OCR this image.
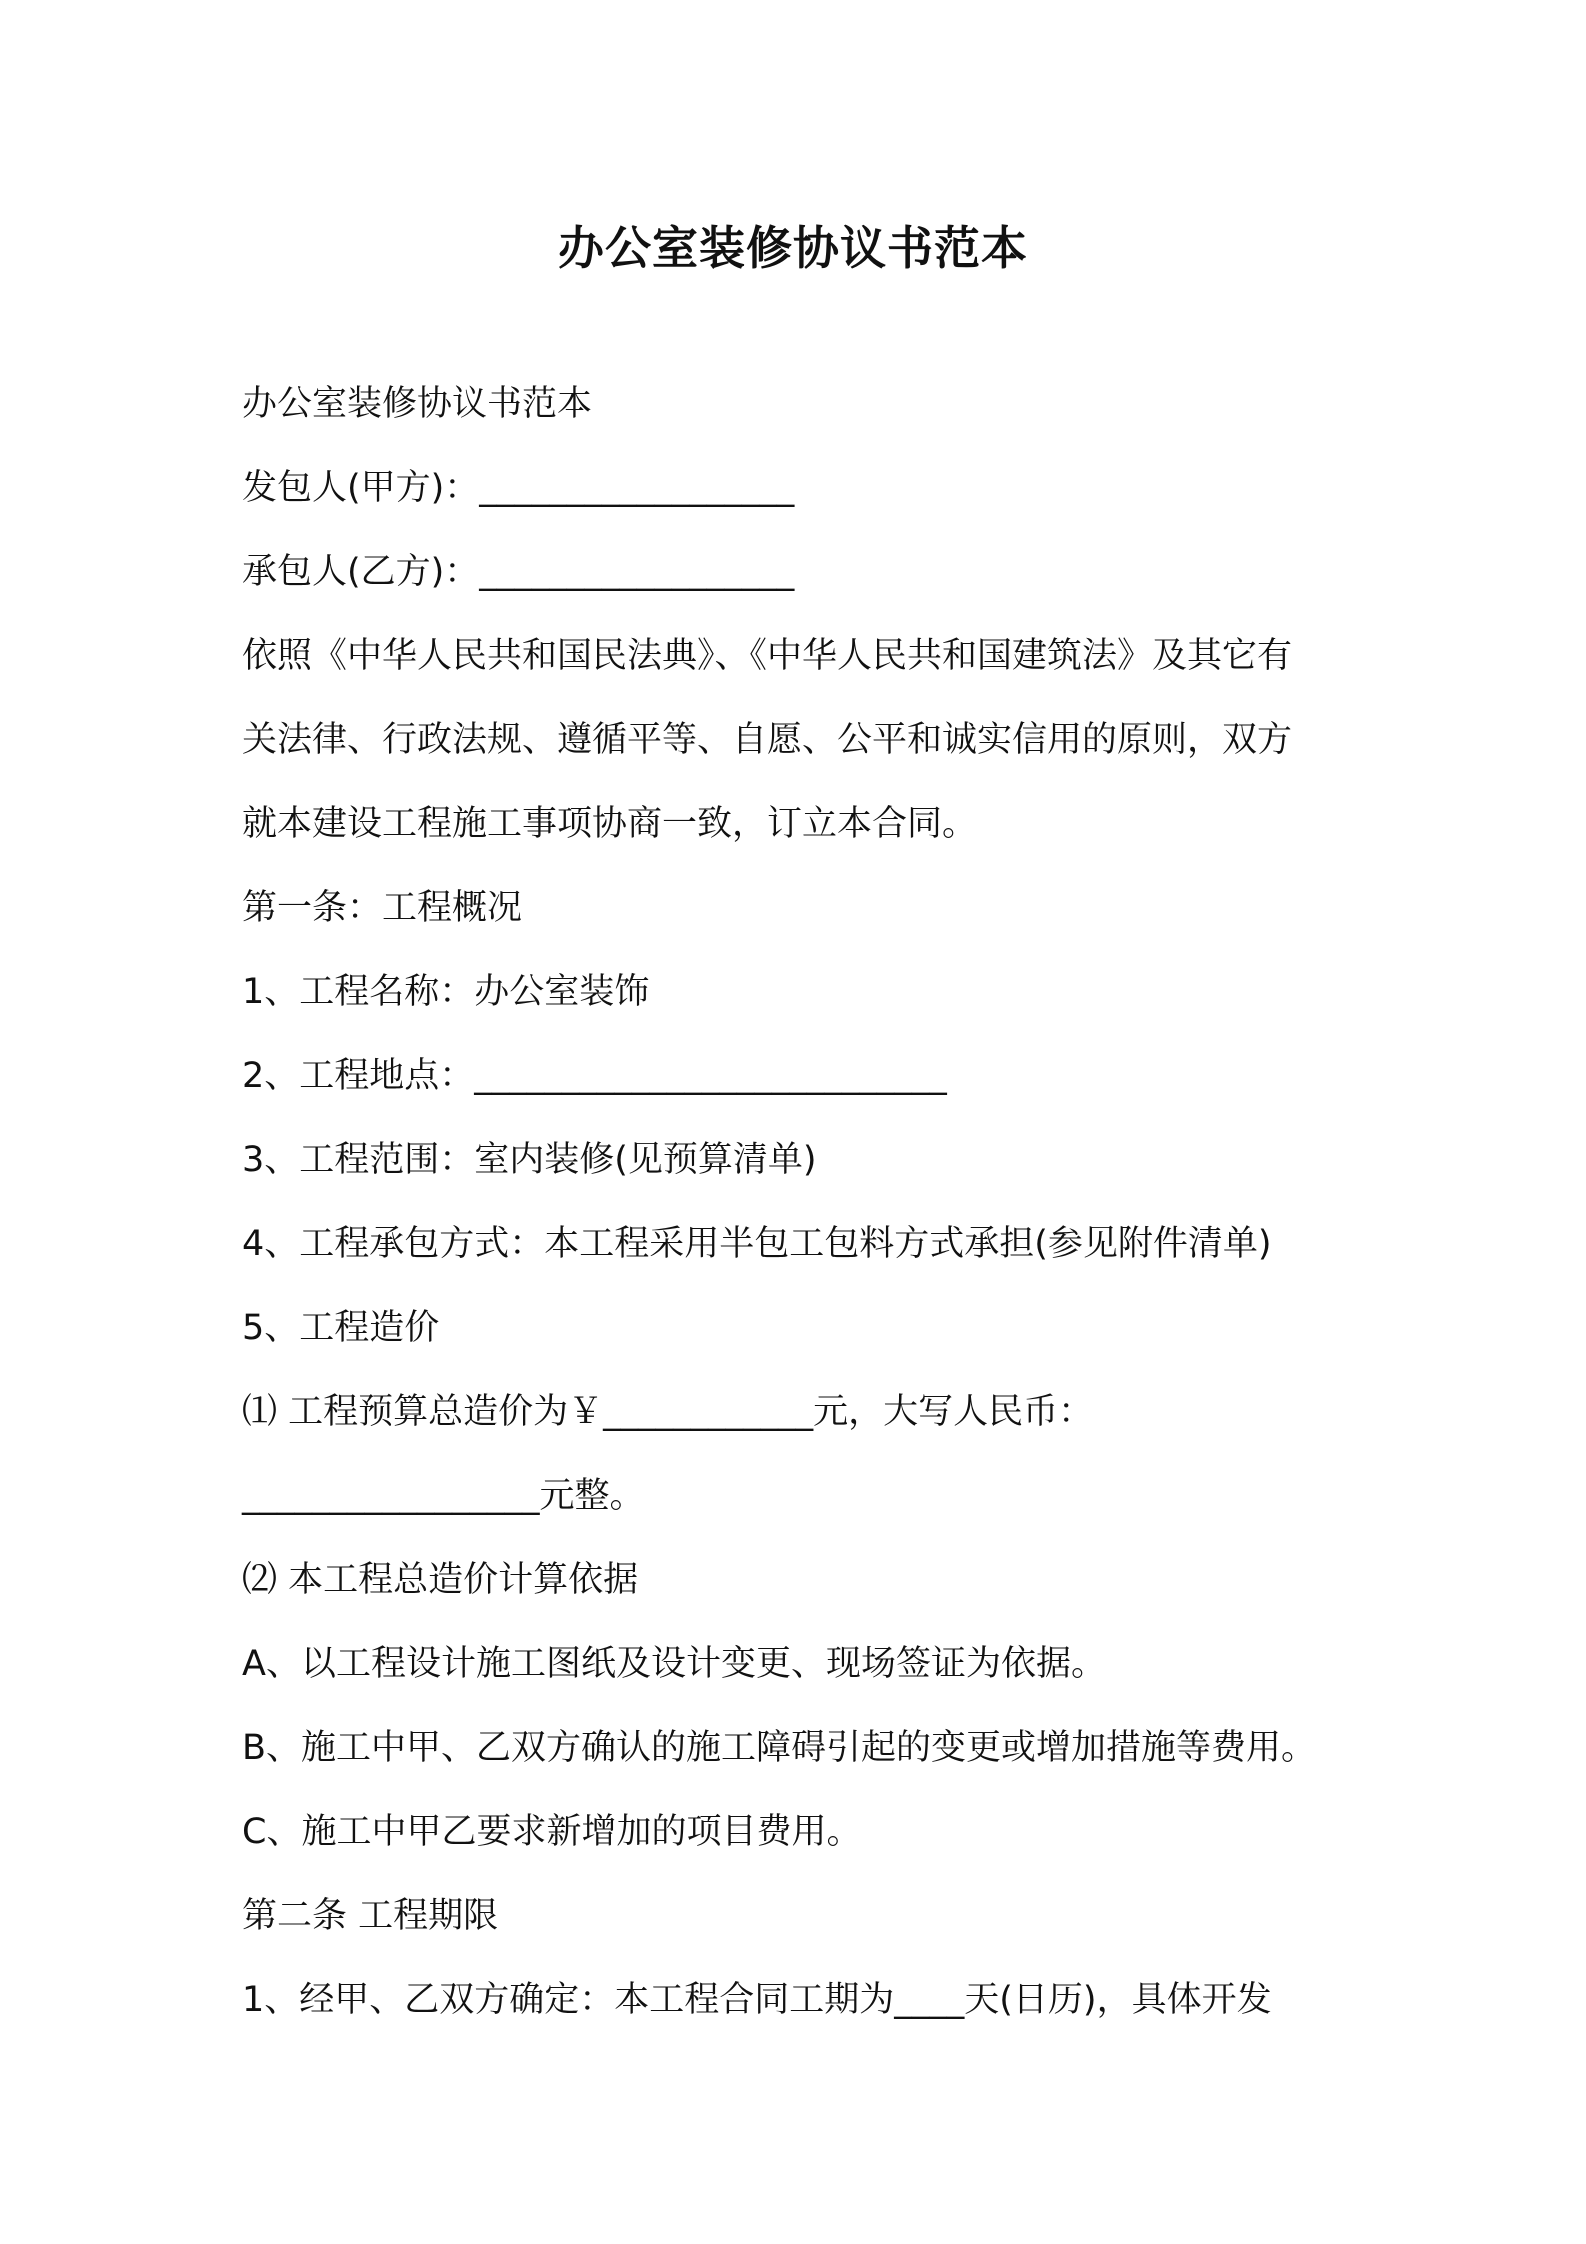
办公室装修协议书范本
办公室装修协议书范本
发包人(甲方)：__________________
承包人(乙方)：__________________
依照《中华人民共和国民法典》、《中华人民共和国建筑法》及其它有
关法律、行政法规、遵循平等、自愿、公平和诚实信用的原则，双方
就本建设工程施工事项协商一致，订立本合同。
第一条：工程概况
1、工程名称：办公室装饰
2、工程地点：___________________________
3、工程范围：室内装修(见预算清单)
4、工程承包方式：本工程采用半包工包料方式承担(参见附件清单)
5、工程造价
⑴ 工程预算总造价为￥____________元，大写人民币：
_________________元整。
⑵ 本工程总造价计算依据
A、以工程设计施工图纸及设计变更、现场签证为依据。
B、施工中甲、乙双方确认的施工障碍引起的变更或增加措施等费用。
C、施工中甲乙要求新增加的项目费用。
第二条 工程期限
1、经甲、乙双方确定：本工程合同工期为____天(日历)，具体开发
